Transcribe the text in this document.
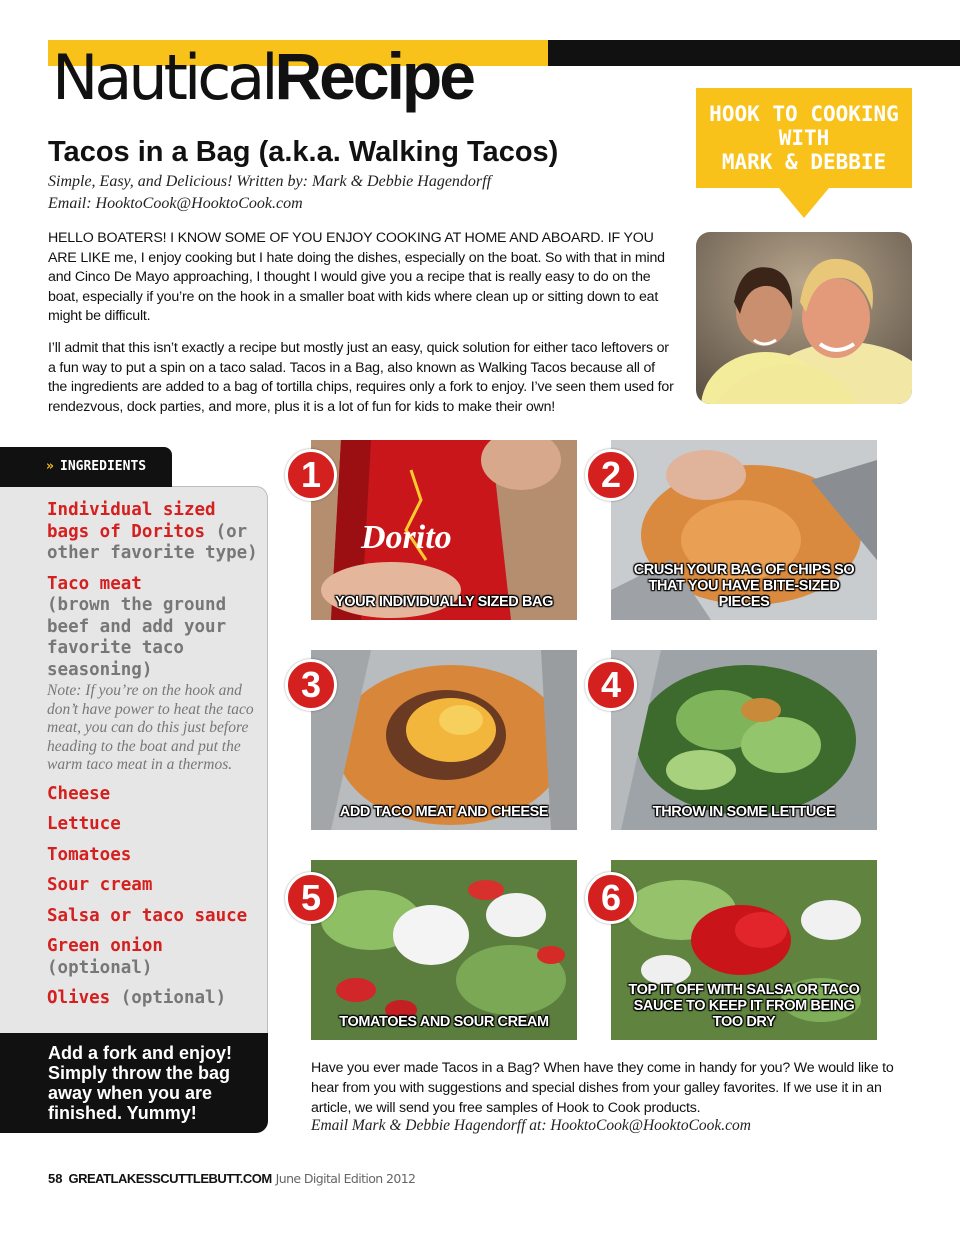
NauticalRecipe
Tacos in a Bag (a.k.a. Walking Tacos)
Simple, Easy, and Delicious! Written by: Mark & Debbie Hagendorff
Email: HooktoCook@HooktoCook.com

HELLO BOATERS! I KNOW SOME OF YOU ENJOY COOKING AT HOME AND ABOARD. IF YOU ARE LIKE me, I enjoy cooking but I hate doing the dishes, especially on the boat. So with that in mind and Cinco De Mayo approaching, I thought I would give you a recipe that is really easy to do on the boat, especially if you’re on the hook in a smaller boat with kids where clean up or sitting down to eat might be difficult.

I’ll admit that this isn’t exactly a recipe but mostly just an easy, quick solution for either taco leftovers or a fun way to put a spin on a taco salad. Tacos in a Bag, also known as Walking Tacos because all of the ingredients are added to a bag of tortilla chips, requires only a fork to enjoy. I’ve seen them used for rendezvous, dock parties, and more, plus it is a lot of fun for kids to make their own!

HOOK TO COOKING
WITH
MARK & DEBBIE
» INGREDIENTS
Individual sized bags of Doritos (or other favorite type)
Taco meat
(brown the ground beef and add your favorite taco seasoning)
Note: If you’re on the hook and don’t have power to heat the taco meat, you can do this just before heading to the boat and put the warm taco meat in a thermos.
Cheese
Lettuce
Tomatoes
Sour cream
Salsa or taco sauce
Green onion (optional)
Olives (optional)
Add a fork and enjoy! Simply throw the bag away when you are finished. Yummy!
Dorito
YOUR INDIVIDUALLY SIZED BAG
1
CRUSH YOUR BAG OF CHIPS SO THAT YOU HAVE BITE-SIZED PIECES
2
ADD TACO MEAT AND CHEESE
3
THROW IN SOME LETTUCE
4
TOMATOES AND SOUR CREAM
5
TOP IT OFF WITH SALSA OR TACO SAUCE TO KEEP IT FROM BEING TOO DRY
6

Have you ever made Tacos in a Bag? When have they come in handy for you? We would like to hear from you with suggestions and special dishes from your galley favorites. If we use it in an article, we will send you free samples of Hook to Cook products.

Email Mark & Debbie Hagendorff at: HooktoCook@HooktoCook.com
58 GREATLAKESSCUTTLEBUTT.COM June Digital Edition 2012
